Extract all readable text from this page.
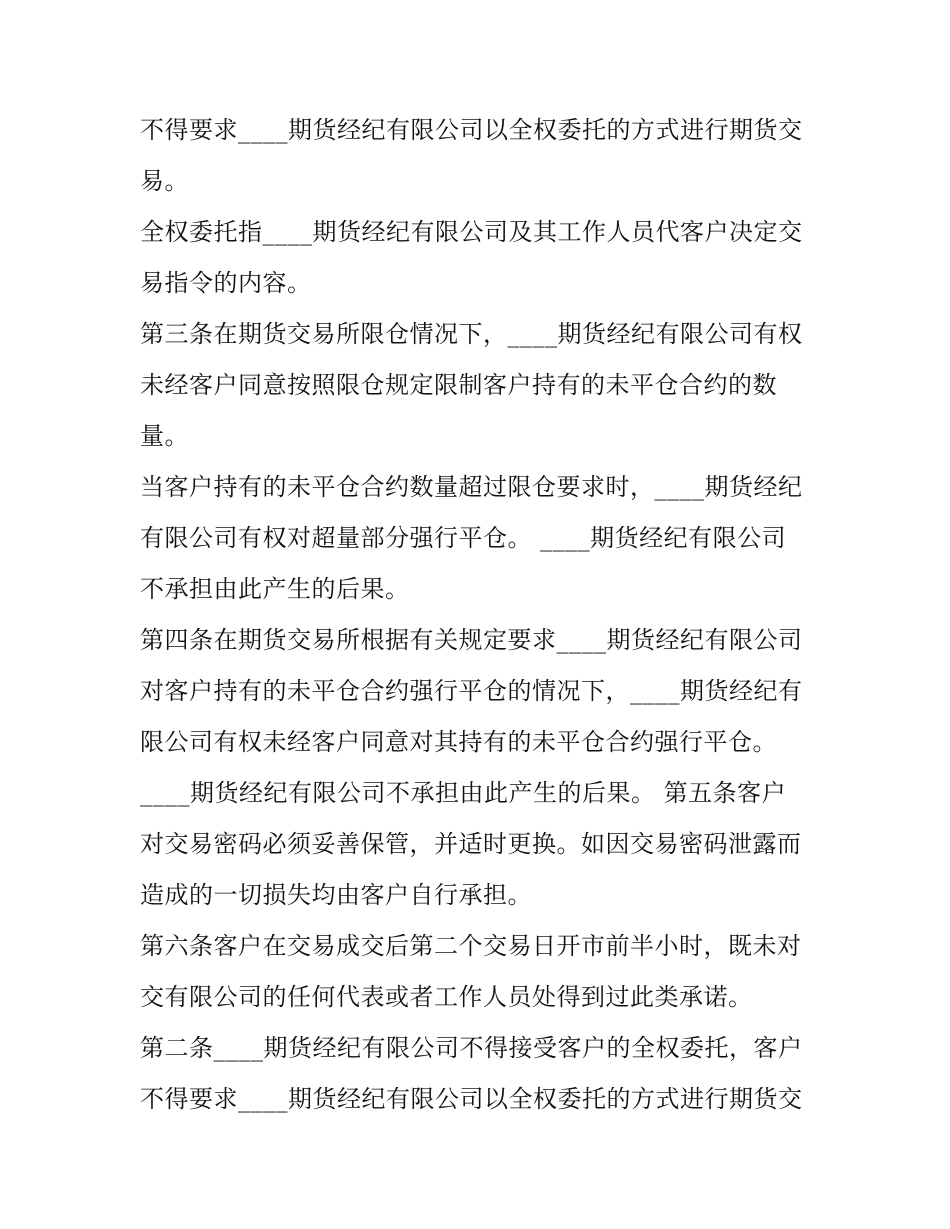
不得要求____期货经纪有限公司以全权委托的方式进行期货交
易。
全权委托指____期货经纪有限公司及其工作人员代客户决定交
易指令的内容。
第三条在期货交易所限仓情况下，____期货经纪有限公司有权
未经客户同意按照限仓规定限制客户持有的未平仓合约的数
量。
当客户持有的未平仓合约数量超过限仓要求时，____期货经纪
有限公司有权对超量部分强行平仓。 ____期货经纪有限公司
不承担由此产生的后果。
第四条在期货交易所根据有关规定要求____期货经纪有限公司
对客户持有的未平仓合约强行平仓的情况下，____期货经纪有
限公司有权未经客户同意对其持有的未平仓合约强行平仓。
____期货经纪有限公司不承担由此产生的后果。 第五条客户
对交易密码必须妥善保管，并适时更换。如因交易密码泄露而
造成的一切损失均由客户自行承担。
第六条客户在交易成交后第二个交易日开市前半小时，既未对
交有限公司的任何代表或者工作人员处得到过此类承诺。
第二条____期货经纪有限公司不得接受客户的全权委托，客户
不得要求____期货经纪有限公司以全权委托的方式进行期货交
